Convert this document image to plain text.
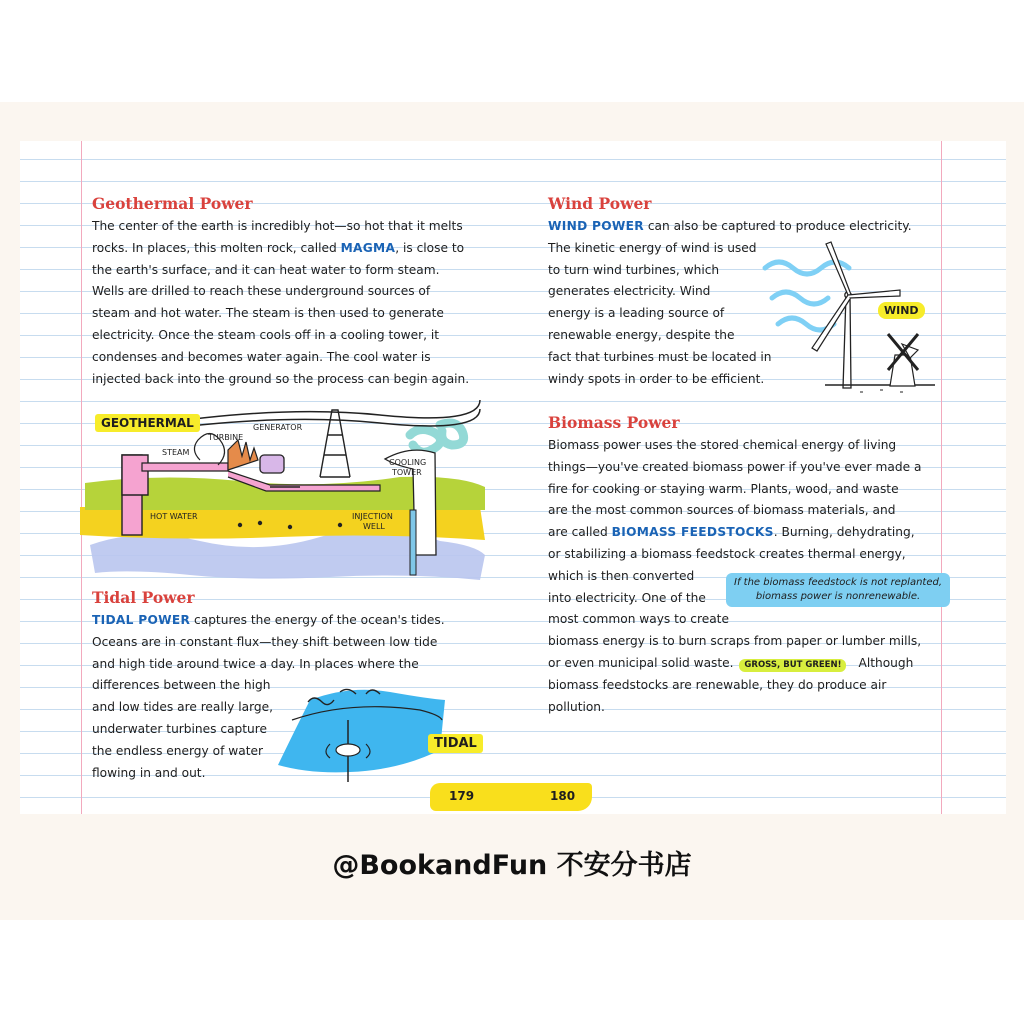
Geothermal Power

The center of the earth is incredibly hot—so hot that it melts
rocks. In places, this molten rock, called MAGMA, is close to
the earth's surface, and it can heat water to form steam.
Wells are drilled to reach these underground sources of
steam and hot water. The steam is then used to generate
electricity. Once the steam cools off in a cooling tower, it
condenses and becomes water again. The cool water is
injected back into the ground so the process can begin again.

GEOTHERMAL
TURBINE
GENERATOR
STEAM
COOLING
TOWER
HOT WATER	INJECTION
WELL
Tidal Power

TIDAL POWER captures the energy of the ocean's tides.
Oceans are in constant flux—they shift between low tide
and high tide around twice a day. In places where the
differences between the high
and low tides are really large,
underwater turbines capture
the endless energy of water
flowing in and out.

TIDAL
179	180
Wind Power

WIND POWER can also be captured to produce electricity.
The kinetic energy of wind is used
to turn wind turbines, which
generates electricity. Wind
energy is a leading source of
renewable energy, despite the
fact that turbines must be located in
windy spots in order to be efficient.

WIND
Biomass Power

Biomass power uses the stored chemical energy of living
things—you've created biomass power if you've ever made a
fire for cooking or staying warm. Plants, wood, and waste
are the most common sources of biomass materials, and
are called BIOMASS FEEDSTOCKS. Burning, dehydrating,
or stabilizing a biomass feedstock creates thermal energy,
which is then converted
into electricity. One of the
most common ways to create
biomass energy is to burn scraps from paper or lumber mills,
or even municipal solid waste. GROSS, BUT GREEN! Although
biomass feedstocks are renewable, they do produce air
pollution.

If the biomass feedstock is not replanted,
biomass power is nonrenewable.
@BookandFun 不安分书店
